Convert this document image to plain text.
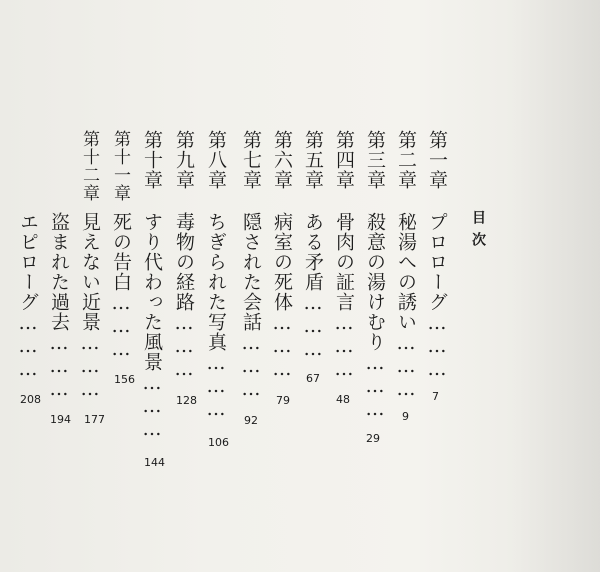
目次
第一章
第二章
第三章
第四章
第五章
第六章
第七章
第八章
第九章
第十章
第十一章
第十二章
プロローグ………
秘湯への誘い………
殺意の湯けむり………
骨肉の証言………
ある矛盾………
病室の死体………
隠された会話………
ちぎられた写真………
毒物の経路………
すり代わった風景………
死の告白………
見えない近景………
盗まれた過去………
エピローグ………
7
9
29
48
67
79
92
106
128
144
156
177
194
208
